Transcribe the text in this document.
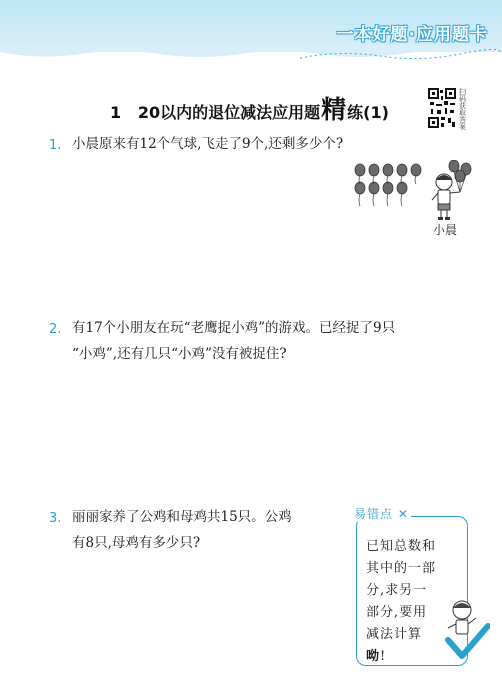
一本好题·应用题卡
1 20以内的退位减法应用题精练(1)
扫码获取答案
1. 小晨原来有12个气球,飞走了9个,还剩多少个?
小晨
2. 有17个小朋友在玩“老鹰捉小鸡”的游戏。已经捉了9只
“小鸡”,还有几只“小鸡”没有被捉住?
3. 丽丽家养了公鸡和母鸡共15只。公鸡
有8只,母鸡有多少只?
易错点 ✕
已知总数和
其中的一部
分,求另一
部分,要用
减法计算
呦!
